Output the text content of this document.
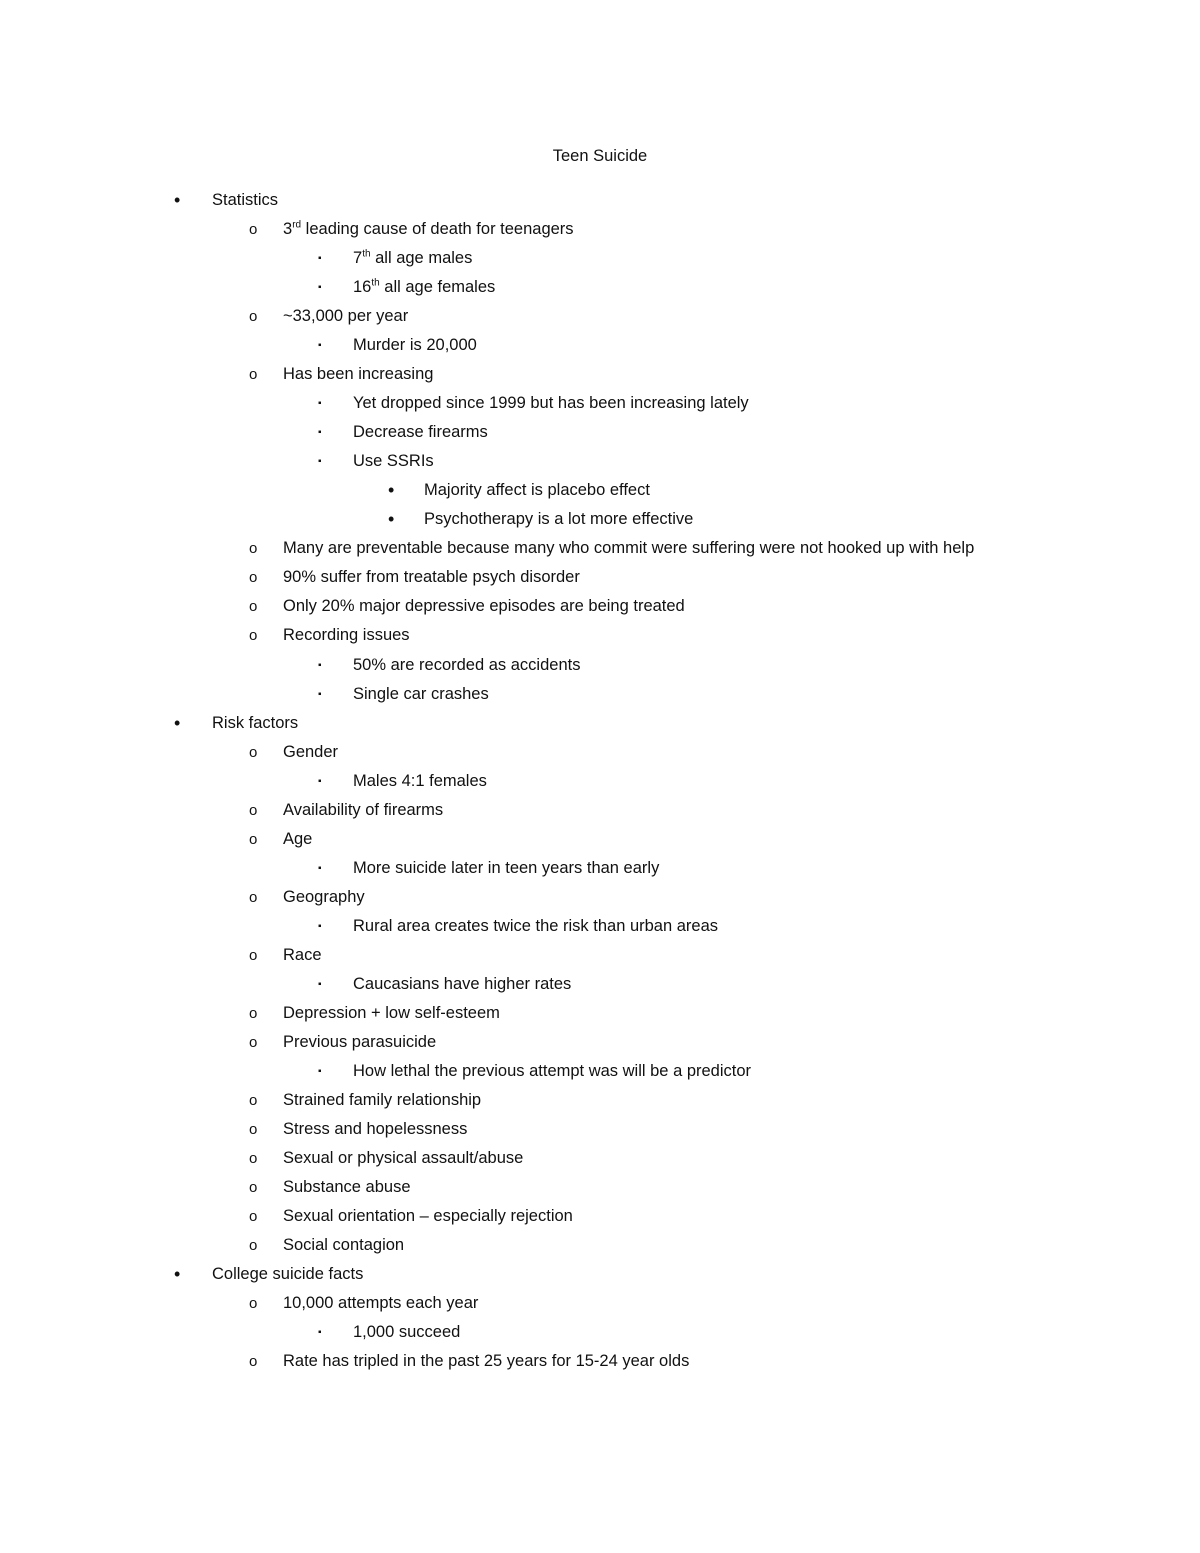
Teen Suicide
• Statistics
o 3rd leading cause of death for teenagers
▪ 7th all age males
▪ 16th all age females
o ~33,000 per year
▪ Murder is 20,000
o Has been increasing
▪ Yet dropped since 1999 but has been increasing lately
▪ Decrease firearms
▪ Use SSRIs
• Majority affect is placebo effect
• Psychotherapy is a lot more effective
o Many are preventable because many who commit were suffering were not hooked up with help
o 90% suffer from treatable psych disorder
o Only 20% major depressive episodes are being treated
o Recording issues
▪ 50% are recorded as accidents
▪ Single car crashes
• Risk factors
o Gender
▪ Males 4:1 females
o Availability of firearms
o Age
▪ More suicide later in teen years than early
o Geography
▪ Rural area creates twice the risk than urban areas
o Race
▪ Caucasians have higher rates
o Depression + low self-esteem
o Previous parasuicide
▪ How lethal the previous attempt was will be a predictor
o Strained family relationship
o Stress and hopelessness
o Sexual or physical assault/abuse
o Substance abuse
o Sexual orientation – especially rejection
o Social contagion
• College suicide facts
o 10,000 attempts each year
▪ 1,000 succeed
o Rate has tripled in the past 25 years for 15-24 year olds
